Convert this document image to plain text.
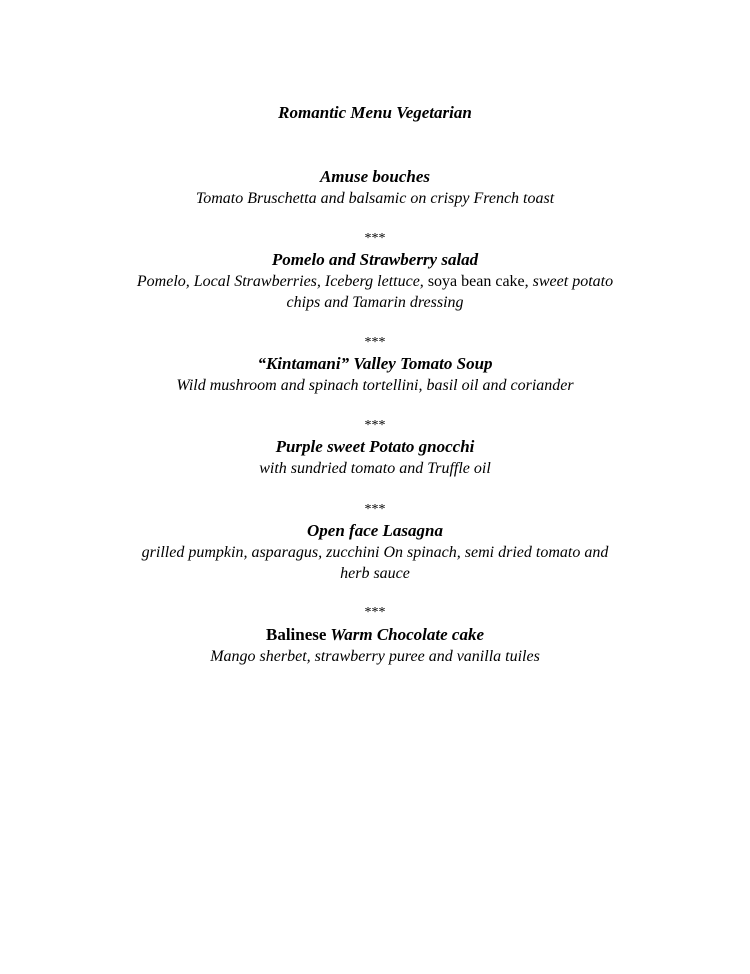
Romantic Menu Vegetarian
Amuse bouches
Tomato Bruschetta and balsamic on crispy French toast
***
Pomelo and Strawberry salad
Pomelo, Local Strawberries, Iceberg lettuce, soya bean cake, sweet potato chips and Tamarin dressing
***
“Kintamani” Valley Tomato Soup
Wild mushroom and spinach tortellini, basil oil and coriander
***
Purple sweet Potato gnocchi
with sundried tomato and Truffle oil
***
Open face Lasagna
grilled pumpkin, asparagus, zucchini On spinach, semi dried tomato and herb sauce
***
Balinese Warm Chocolate cake
Mango sherbet, strawberry puree and vanilla tuiles
